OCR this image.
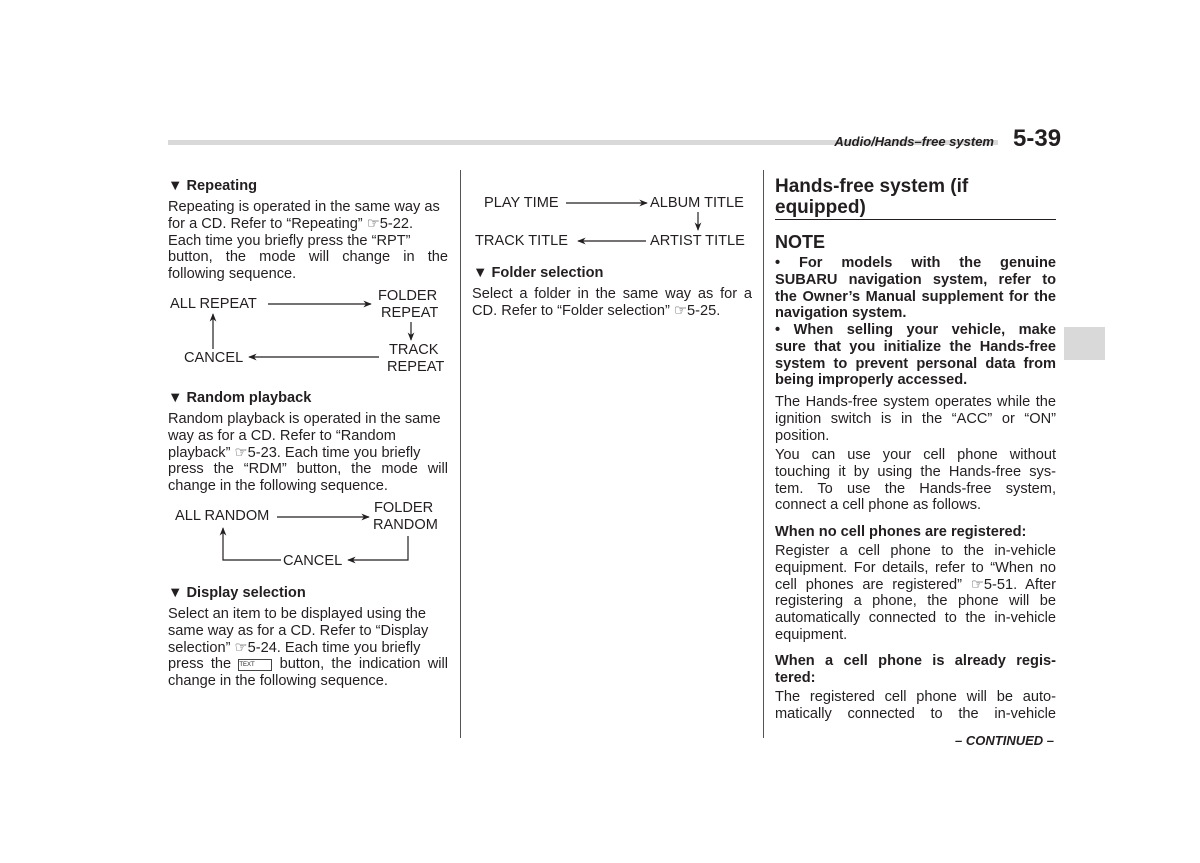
Audio/Hands–free system 5-39
▼ Repeating

Repeating is operated in the same way as

for a CD. Refer to “Repeating” ☞5-22.

Each time you briefly press the “RPT”

button, the mode will change in the

following sequence.

ALL REPEAT	FOLDER
REPEAT
TRACK
REPEAT
CANCEL
▼ Random playback

Random playback is operated in the same

way as for a CD. Refer to “Random

playback” ☞5-23. Each time you briefly

press the “RDM” button, the mode will

change in the following sequence.

ALL RANDOM	FOLDER
RANDOM
CANCEL
▼ Display selection

Select an item to be displayed using the

same way as for a CD. Refer to “Display

selection” ☞5-24. Each time you briefly

press the TEXT button, the indication will

change in the following sequence.

PLAY TIME	ALBUM TITLE
TRACK TITLE	ARTIST TITLE
▼ Folder selection

Select a folder in the same way as for a

CD. Refer to “Folder selection” ☞5-25.

Hands-free system (if
equipped)
NOTE

• For models with the genuine

SUBARU navigation system, refer to

the Owner’s Manual supplement for the

navigation system.

• When selling your vehicle, make

sure that you initialize the Hands-free

system to prevent personal data from

being improperly accessed.

The Hands-free system operates while the

ignition switch is in the “ACC” or “ON”

position.

You can use your cell phone without

touching it by using the Hands-free sys-

tem. To use the Hands-free system,

connect a cell phone as follows.

When no cell phones are registered:

Register a cell phone to the in-vehicle

equipment. For details, refer to “When no

cell phones are registered” ☞5-51. After

registering a phone, the phone will be

automatically connected to the in-vehicle

equipment.

When a cell phone is already regis-

tered:

The registered cell phone will be auto-

matically connected to the in-vehicle

– CONTINUED –
